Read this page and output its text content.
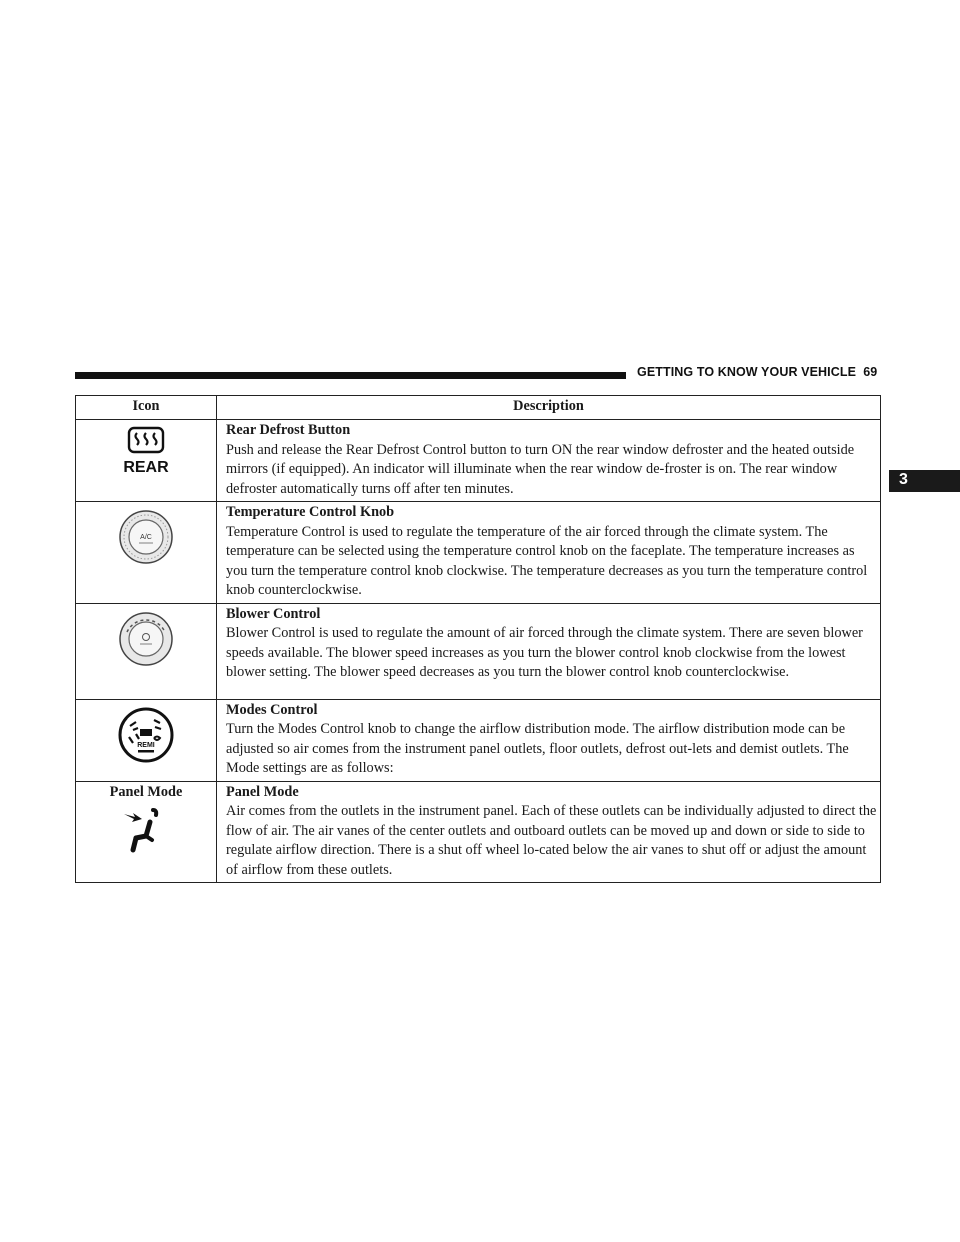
GETTING TO KNOW YOUR VEHICLE 69
3
Icon	Description

REAR	Rear Defrost Button
Push and release the Rear Defrost Control button to turn ON the rear window defroster and the heated outside mirrors (if equipped). An indicator will illuminate when the rear window de-froster is on. The rear window defroster automatically turns off after ten minutes.

A/C	Temperature Control Knob
Temperature Control is used to regulate the temperature of the air forced through the climate system. The temperature can be selected using the temperature control knob on the faceplate. The temperature increases as you turn the temperature control knob clockwise. The temperature decreases as you turn the temperature control knob counterclockwise.

Blower Control
Blower Control is used to regulate the amount of air forced through the climate system. There are seven blower speeds available. The blower speed increases as you turn the blower control knob clockwise from the lowest blower setting. The blower speed decreases as you turn the blower control knob counterclockwise.

REMI	Modes Control
Turn the Modes Control knob to change the airflow distribution mode. The airflow distribution mode can be adjusted so air comes from the instrument panel outlets, floor outlets, defrost out-lets and demist outlets. The Mode settings are as follows:

Panel Mode	Panel Mode
Air comes from the outlets in the instrument panel. Each of these outlets can be individually adjusted to direct the flow of air. The air vanes of the center outlets and outboard outlets can be moved up and down or side to side to regulate airflow direction. There is a shut off wheel lo-cated below the air vanes to shut off or adjust the amount of airflow from these outlets.
